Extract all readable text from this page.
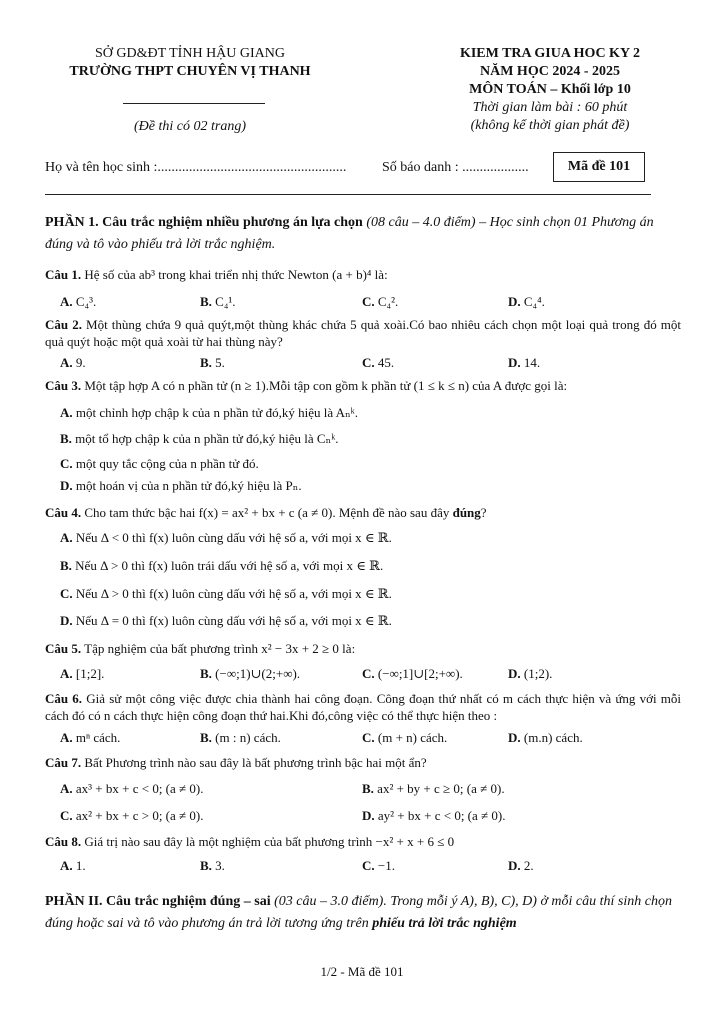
SỞ GD&ĐT TỈNH HẬU GIANG
TRƯỜNG THPT CHUYÊN VỊ THANH
(Đề thi có 02 trang)
KIEM TRA GIUA HOC KY 2
NĂM HỌC 2024 - 2025
MÔN TOÁN – Khối lớp 10
Thời gian làm bài : 60 phút
(không kể thời gian phát đề)
Họ và tên học sinh :......................................................	Số báo danh : ...................	Mã đề 101
PHẦN 1. Câu trắc nghiệm nhiều phương án lựa chọn (08 câu – 4.0 điểm) – Học sinh chọn 01 Phương án đúng và tô vào phiếu trả lời trắc nghiệm.
Câu 1. Hệ số của ab³ trong khai triển nhị thức Newton (a + b)⁴ là:
A. C₄³.	B. C₄¹.	C. C₄².	D. C₄⁴.
Câu 2. Một thùng chứa 9 quả quýt,một thùng khác chứa 5 quả xoài.Có bao nhiêu cách chọn một loại quả trong đó một quả quýt hoặc một quả xoài từ hai thùng này?
A. 9.	B. 5.	C. 45.	D. 14.
Câu 3. Một tập hợp A có n phần tử (n ≥ 1).Mỗi tập con gồm k phần tử (1 ≤ k ≤ n) của A được gọi là:
A. một chỉnh hợp chập k của n phần tử đó,ký hiệu là Aₙᵏ.
B. một tổ hợp chập k của n phần tử đó,ký hiệu là Cₙᵏ.
C. một quy tắc cộng của n phần tử đó.
D. một hoán vị của n phần tử đó,ký hiệu là Pₙ.
Câu 4. Cho tam thức bậc hai f(x) = ax² + bx + c (a ≠ 0). Mệnh đề nào sau đây đúng?
A. Nếu Δ < 0 thì f(x) luôn cùng dấu với hệ số a, với mọi x ∈ ℝ.
B. Nếu Δ > 0 thì f(x) luôn trái dấu với hệ số a, với mọi x ∈ ℝ.
C. Nếu Δ > 0 thì f(x) luôn cùng dấu với hệ số a, với mọi x ∈ ℝ.
D. Nếu Δ = 0 thì f(x) luôn cùng dấu với hệ số a, với mọi x ∈ ℝ.
Câu 5. Tập nghiệm của bất phương trình x² − 3x + 2 ≥ 0 là:
A. [1;2].	B. (−∞;1)∪(2;+∞).	C. (−∞;1]∪[2;+∞).	D. (1;2).
Câu 6. Giả sử một công việc được chia thành hai công đoạn. Công đoạn thứ nhất có m cách thực hiện và ứng với mỗi cách đó có n cách thực hiện công đoạn thứ hai.Khi đó,công việc có thể thực hiện theo :
A. mⁿ cách.	B. (m : n) cách.	C. (m + n) cách.	D. (m.n) cách.
Câu 7. Bất Phương trình nào sau đây là bất phương trình bậc hai một ẩn?
A. ax³ + bx + c < 0; (a ≠ 0).	B. ax² + by + c ≥ 0; (a ≠ 0).
C. ax² + bx + c > 0; (a ≠ 0).	D. ay² + bx + c < 0; (a ≠ 0).
Câu 8. Giá trị nào sau đây là một nghiệm của bất phương trình −x² + x + 6 ≤ 0
A. 1.	B. 3.	C. −1.	D. 2.
PHẦN II. Câu trắc nghiệm đúng – sai (03 câu – 3.0 điểm). Trong mỗi ý A), B), C), D) ở mỗi câu thí sinh chọn đúng hoặc sai và tô vào phương án trả lời tương ứng trên phiếu trả lời trắc nghiệm
1/2 - Mã đề 101
